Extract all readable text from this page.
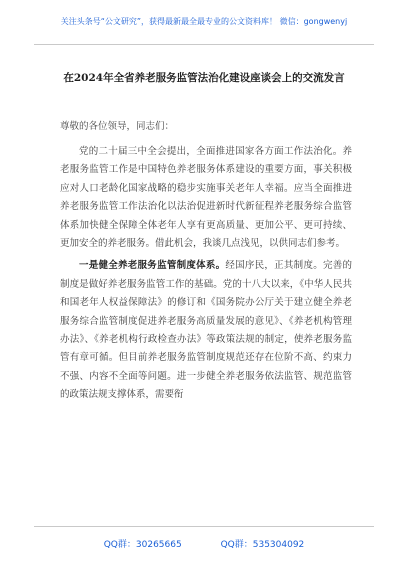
关注头条号“公文研究”，获得最新最全最专业的公文资料库！ 微信：gongwenyj
在2024年全省养老服务监管法治化建设座谈会上的交流发言
尊敬的各位领导，同志们：

党的二十届三中全会提出，全面推进国家各方面工作法治化。养老服务监管工作是中国特色养老服务体系建设的重要方面，事关积极应对人口老龄化国家战略的稳步实施事关老年人幸福。应当全面推进养老服务监管工作法治化以法治促进新时代新征程养老服务综合监管体系加快健全保障全体老年人享有更高质量、更加公平、更可持续、更加安全的养老服务。借此机会，我谈几点浅见，以供同志们参考。

一是健全养老服务监管制度体系。经国序民，正其制度。完善的制度是做好养老服务监管工作的基础。党的十八大以来，《中华人民共和国老年人权益保障法》的修订和《国务院办公厅关于建立健全养老服务综合监管制度促进养老服务高质量发展的意见》、《养老机构管理办法》、《养老机构行政检查办法》等政策法规的制定，使养老服务监管有章可循。但目前养老服务监管制度规范还存在位阶不高、约束力不强、内容不全面等问题。进一步健全养老服务依法监管、规范监管的政策法规支撑体系，需要衔

QQ群：30265665	QQ群：535304092
